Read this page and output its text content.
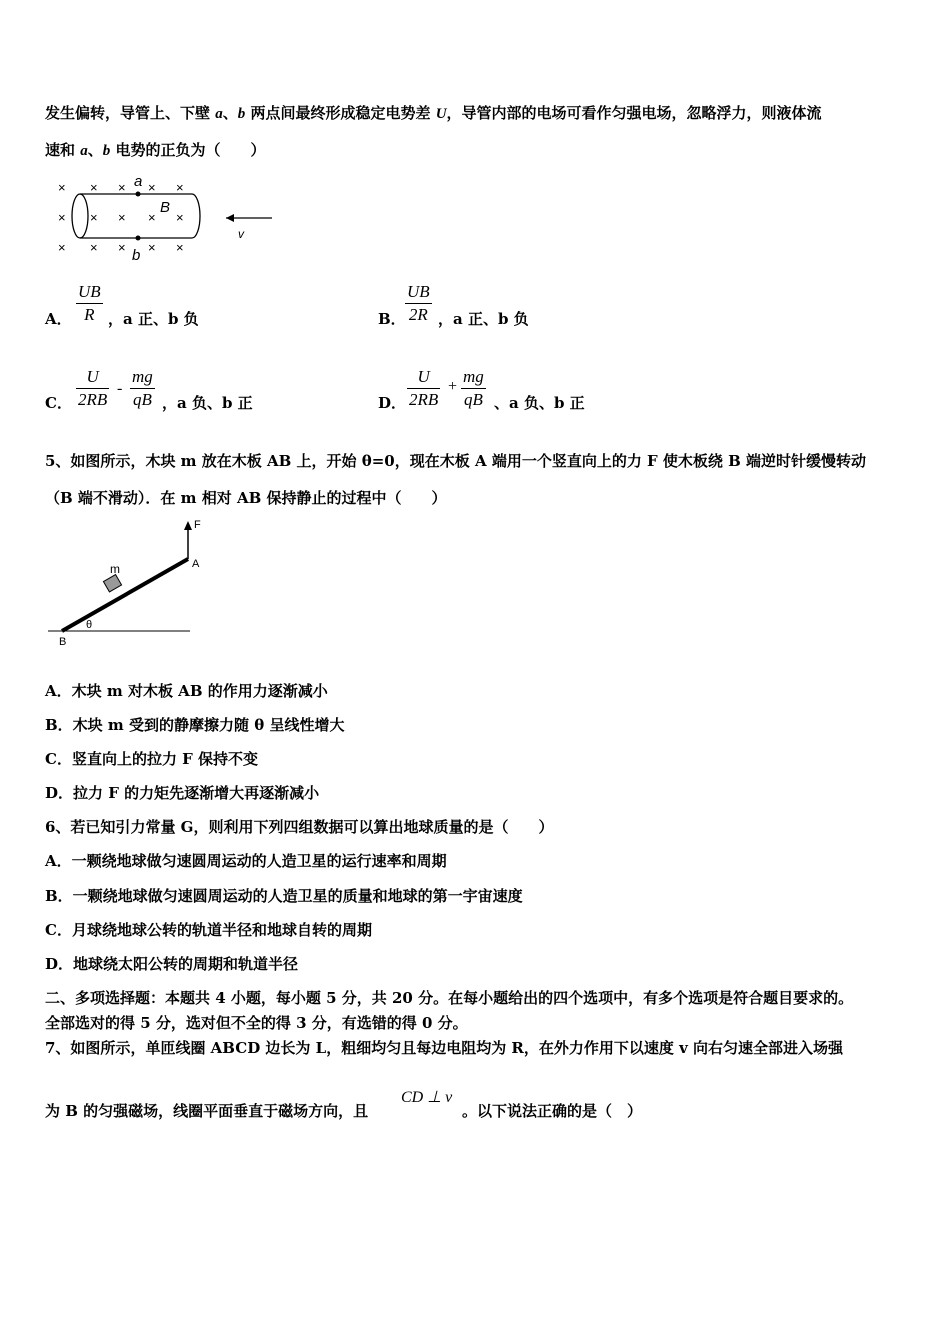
发生偏转，导管上、下壁 a、b 两点间最终形成稳定电势差 U，导管内部的电场可看作匀强电场，忽略浮力，则液体流
速和 a、b 电势的正负为（　　）
× × × × ×
× × × × ×
× × × × ×
a
b
B
v
A． $\frac{UB}{R}$ ，a 正、b 负	B． $\frac{UB}{2R}$ ，a 正、b 负
C． $\frac{U}{2RB} - \frac{mg}{qB}$ ，a 负、b 正	D． $\frac{U}{2RB} + \frac{mg}{qB}$ 、a 负、b 正
5、如图所示，木块 m 放在木板 AB 上，开始 θ=0，现在木板 A 端用一个竖直向上的力 F 使木板绕 B 端逆时针缓慢转动
（B 端不滑动）．在 m 相对 AB 保持静止的过程中（　　）
F
A
m
B
θ
A．木块 m 对木板 AB 的作用力逐渐减小
B．木块 m 受到的静摩擦力随 θ 呈线性增大
C．竖直向上的拉力 F 保持不变
D．拉力 F 的力矩先逐渐增大再逐渐减小
6、若已知引力常量 G，则利用下列四组数据可以算出地球质量的是（　　）
A．一颗绕地球做匀速圆周运动的人造卫星的运行速率和周期
B．一颗绕地球做匀速圆周运动的人造卫星的质量和地球的第一宇宙速度
C．月球绕地球公转的轨道半径和地球自转的周期
D．地球绕太阳公转的周期和轨道半径
二、多项选择题：本题共 4 小题，每小题 5 分，共 20 分。在每小题给出的四个选项中，有多个选项是符合题目要求的。
全部选对的得 5 分，选对但不全的得 3 分，有选错的得 0 分。
7、如图所示，单匝线圈 ABCD 边长为 L，粗细均匀且每边电阻均为 R，在外力作用下以速度 v 向右匀速全部进入场强
为 B 的匀强磁场，线圈平面垂直于磁场方向，且
CD ⊥ v
。以下说法正确的是（　）
